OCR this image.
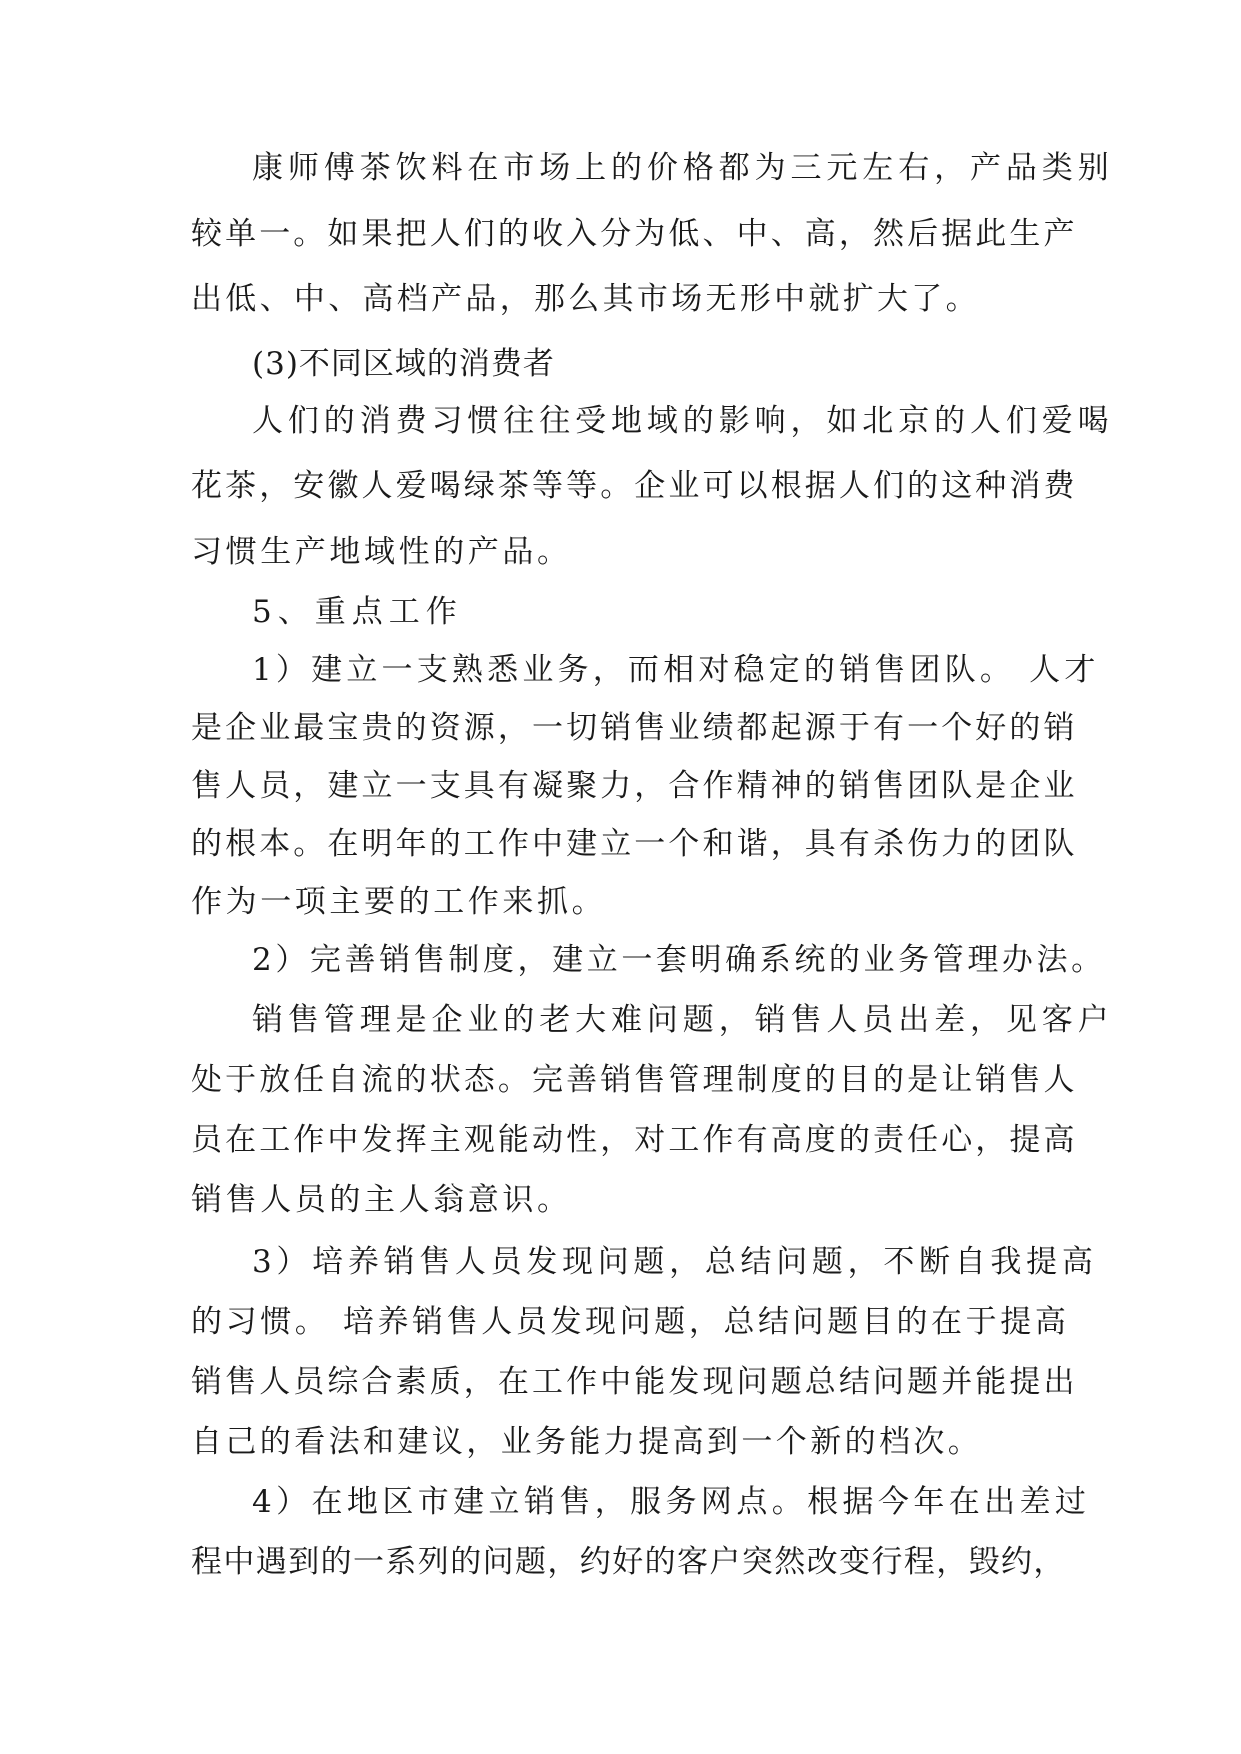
康师傅茶饮料在市场上的价格都为三元左右，产品类别
较单一。如果把人们的收入分为低、中、高，然后据此生产
出低、中、高档产品，那么其市场无形中就扩大了。
(3)不同区域的消费者
人们的消费习惯往往受地域的影响，如北京的人们爱喝
花茶，安徽人爱喝绿茶等等。企业可以根据人们的这种消费
习惯生产地域性的产品。
5、重点工作
1）建立一支熟悉业务，而相对稳定的销售团队。 人才
是企业最宝贵的资源，一切销售业绩都起源于有一个好的销
售人员，建立一支具有凝聚力，合作精神的销售团队是企业
的根本。在明年的工作中建立一个和谐，具有杀伤力的团队
作为一项主要的工作来抓。
2）完善销售制度，建立一套明确系统的业务管理办法。
销售管理是企业的老大难问题，销售人员出差，见客户
处于放任自流的状态。完善销售管理制度的目的是让销售人
员在工作中发挥主观能动性，对工作有高度的责任心，提高
销售人员的主人翁意识。
3）培养销售人员发现问题，总结问题，不断自我提高
的习惯。 培养销售人员发现问题，总结问题目的在于提高
销售人员综合素质，在工作中能发现问题总结问题并能提出
自己的看法和建议，业务能力提高到一个新的档次。
4）在地区市建立销售，服务网点。根据今年在出差过
程中遇到的一系列的问题，约好的客户突然改变行程，毁约，
